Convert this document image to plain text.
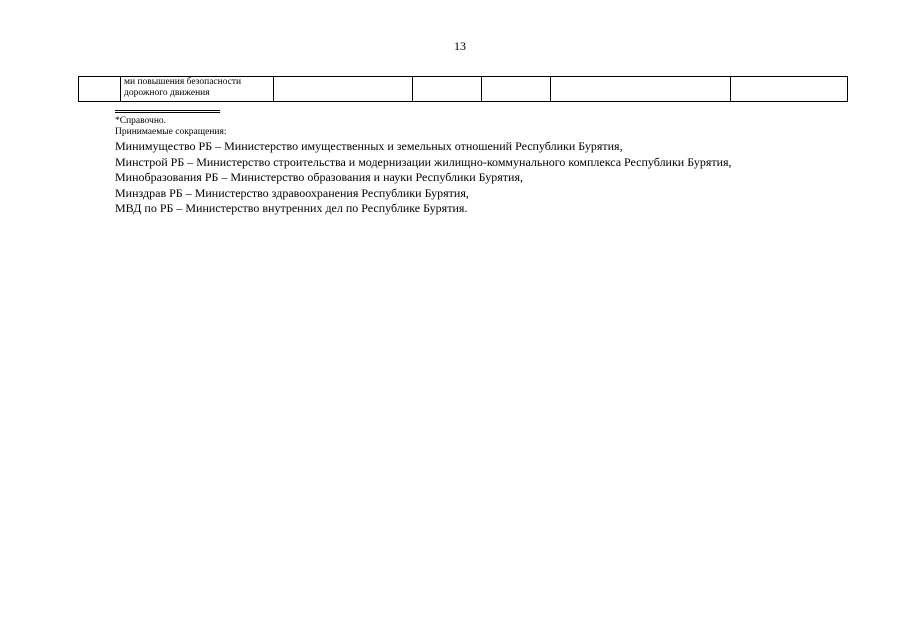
13

ми повышения безопасности
дорожного движения

*Справочно.
Принимаемые сокращения:
Минимущество РБ – Министерство имущественных и земельных отношений Республики Бурятия,
Минстрой РБ – Министерство строительства и модернизации жилищно-коммунального комплекса Республики Бурятия,
Минобразования РБ – Министерство образования и науки Республики Бурятия,
Минздрав РБ – Министерство здравоохранения Республики Бурятия,
МВД по РБ – Министерство внутренних дел по Республике Бурятия.
